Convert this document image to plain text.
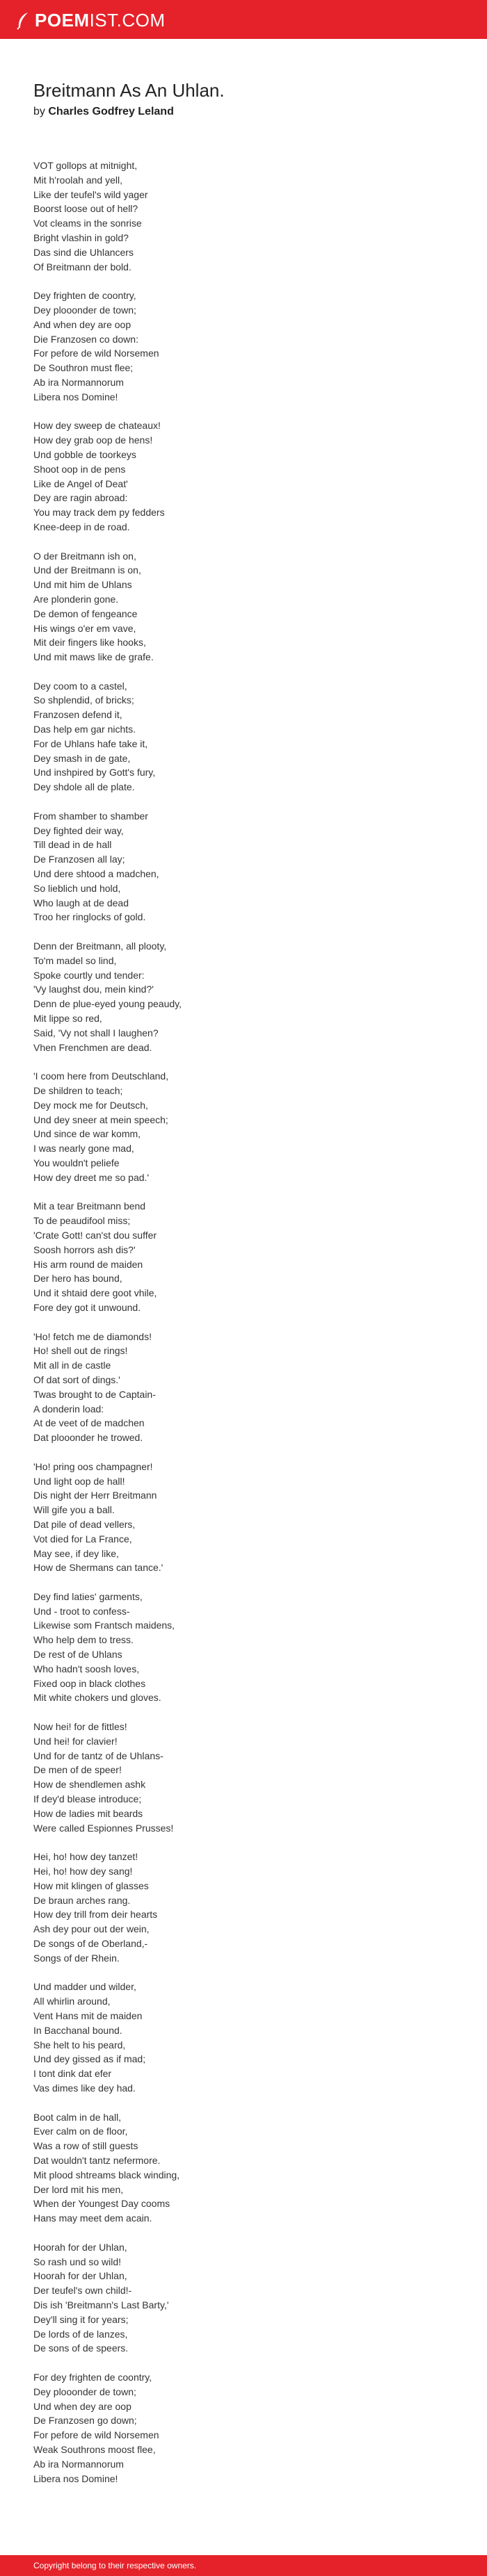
POEM IST.COM
Breitmann As An Uhlan.
by Charles Godfrey Leland
VOT gollops at mitnight,
Mit h'roolah and yell,
Like der teufel's wild yager
Boorst loose out of hell?
Vot cleams in the sonrise
Bright vlashin in gold?
Das sind die Uhlancers
Of Breitmann der bold.
Dey frighten de coontry,
Dey plooonder de town;
And when dey are oop
Die Franzosen co down:
For pefore de wild Norsemen
De Southron must flee;
Ab ira Normannorum
Libera nos Domine!
How dey sweep de chateaux!
How dey grab oop de hens!
Und gobble de toorkeys
Shoot oop in de pens
Like de Angel of Deat'
Dey are ragin abroad:
You may track dem py fedders
Knee-deep in de road.
O der Breitmann ish on,
Und der Breitmann is on,
Und mit him de Uhlans
Are plonderin gone.
De demon of fengeance
His wings o'er em vave,
Mit deir fingers like hooks,
Und mit maws like de grafe.
Dey coom to a castel,
So shplendid, of bricks;
Franzosen defend it,
Das help em gar nichts.
For de Uhlans hafe take it,
Dey smash in de gate,
Und inshpired by Gott's fury,
Dey shdole all de plate.
From shamber to shamber
Dey fighted deir way,
Till dead in de hall
De Franzosen all lay;
Und dere shtood a madchen,
So lieblich und hold,
Who laugh at de dead
Troo her ringlocks of gold.
Denn der Breitmann, all plooty,
To'm madel so lind,
Spoke courtly und tender:
'Vy laughst dou, mein kind?'
Denn de plue-eyed young peaudy,
Mit lippe so red,
Said, 'Vy not shall I laughen?
Vhen Frenchmen are dead.
'I coom here from Deutschland,
De shildren to teach;
Dey mock me for Deutsch,
Und dey sneer at mein speech;
Und since de war komm,
I was nearly gone mad,
You wouldn't peliefe
How dey dreet me so pad.'
Mit a tear Breitmann bend
To de peaudifool miss;
'Crate Gott! can'st dou suffer
Soosh horrors ash dis?'
His arm round de maiden
Der hero has bound,
Und it shtaid dere goot vhile,
Fore dey got it unwound.
'Ho! fetch me de diamonds!
Ho! shell out de rings!
Mit all in de castle
Of dat sort of dings.'
Twas brought to de Captain-
A donderin load:
At de veet of de madchen
Dat plooonder he trowed.
'Ho! pring oos champagner!
Und light oop de hall!
Dis night der Herr Breitmann
Will gife you a ball.
Dat pile of dead vellers,
Vot died for La France,
May see, if dey like,
How de Shermans can tance.'
Dey find laties' garments,
Und - troot to confess-
Likewise som Frantsch maidens,
Who help dem to tress.
De rest of de Uhlans
Who hadn't soosh loves,
Fixed oop in black clothes
Mit white chokers und gloves.
Now hei! for de fittles!
Und hei! for clavier!
Und for de tantz of de Uhlans-
De men of de speer!
How de shendlemen ashk
If dey'd blease introduce;
How de ladies mit beards
Were called Espionnes Prusses!
Hei, ho! how dey tanzet!
Hei, ho! how dey sang!
How mit klingen of glasses
De braun arches rang.
How dey trill from deir hearts
Ash dey pour out der wein,
De songs of de Oberland,-
Songs of der Rhein.
Und madder und wilder,
All whirlin around,
Vent Hans mit de maiden
In Bacchanal bound.
She helt to his peard,
Und dey gissed as if mad;
I tont dink dat efer
Vas dimes like dey had.
Boot calm in de hall,
Ever calm on de floor,
Was a row of still guests
Dat wouldn't tantz nefermore.
Mit plood shtreams black winding,
Der lord mit his men,
When der Youngest Day cooms
Hans may meet dem acain.
Hoorah for der Uhlan,
So rash und so wild!
Hoorah for der Uhlan,
Der teufel's own child!-
Dis ish 'Breitmann's Last Barty,'
Dey'll sing it for years;
De lords of de lanzes,
De sons of de speers.
For dey frighten de coontry,
Dey plooonder de town;
Und when dey are oop
De Franzosen go down;
For pefore de wild Norsemen
Weak Southrons moost flee,
Ab ira Normannorum
Libera nos Domine!
Copyright belong to their respective owners.
